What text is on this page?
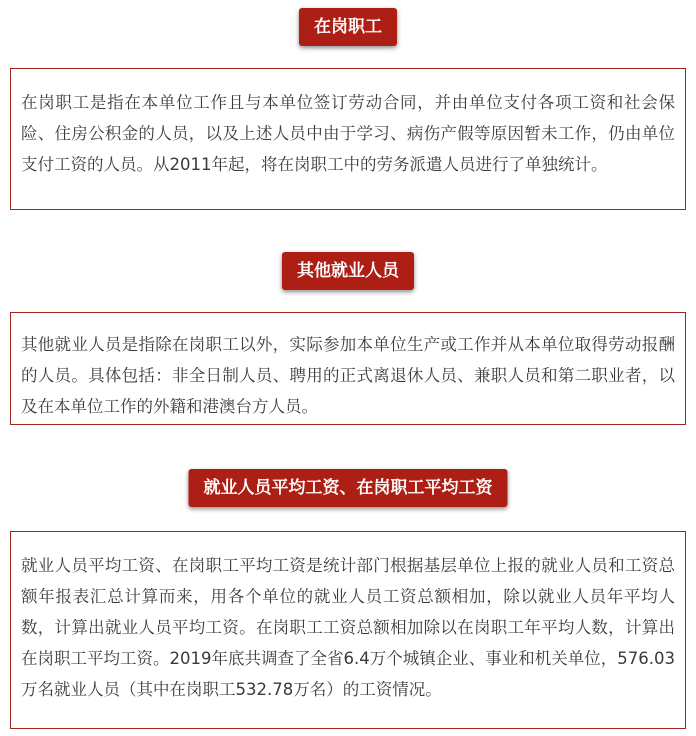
在岗职工
在岗职工是指在本单位工作且与本单位签订劳动合同，并由单位支付各项工资和社会保险、住房公积金的人员，以及上述人员中由于学习、病伤产假等原因暂未工作，仍由单位支付工资的人员。从2011年起，将在岗职工中的劳务派遣人员进行了单独统计。
其他就业人员
其他就业人员是指除在岗职工以外，实际参加本单位生产或工作并从本单位取得劳动报酬的人员。具体包括：非全日制人员、聘用的正式离退休人员、兼职人员和第二职业者，以及在本单位工作的外籍和港澳台方人员。
就业人员平均工资、在岗职工平均工资
就业人员平均工资、在岗职工平均工资是统计部门根据基层单位上报的就业人员和工资总额年报表汇总计算而来，用各个单位的就业人员工资总额相加，除以就业人员年平均人数，计算出就业人员平均工资。在岗职工工资总额相加除以在岗职工年平均人数，计算出在岗职工平均工资。2019年底共调查了全省6.4万个城镇企业、事业和机关单位，576.03万名就业人员（其中在岗职工532.78万名）的工资情况。
